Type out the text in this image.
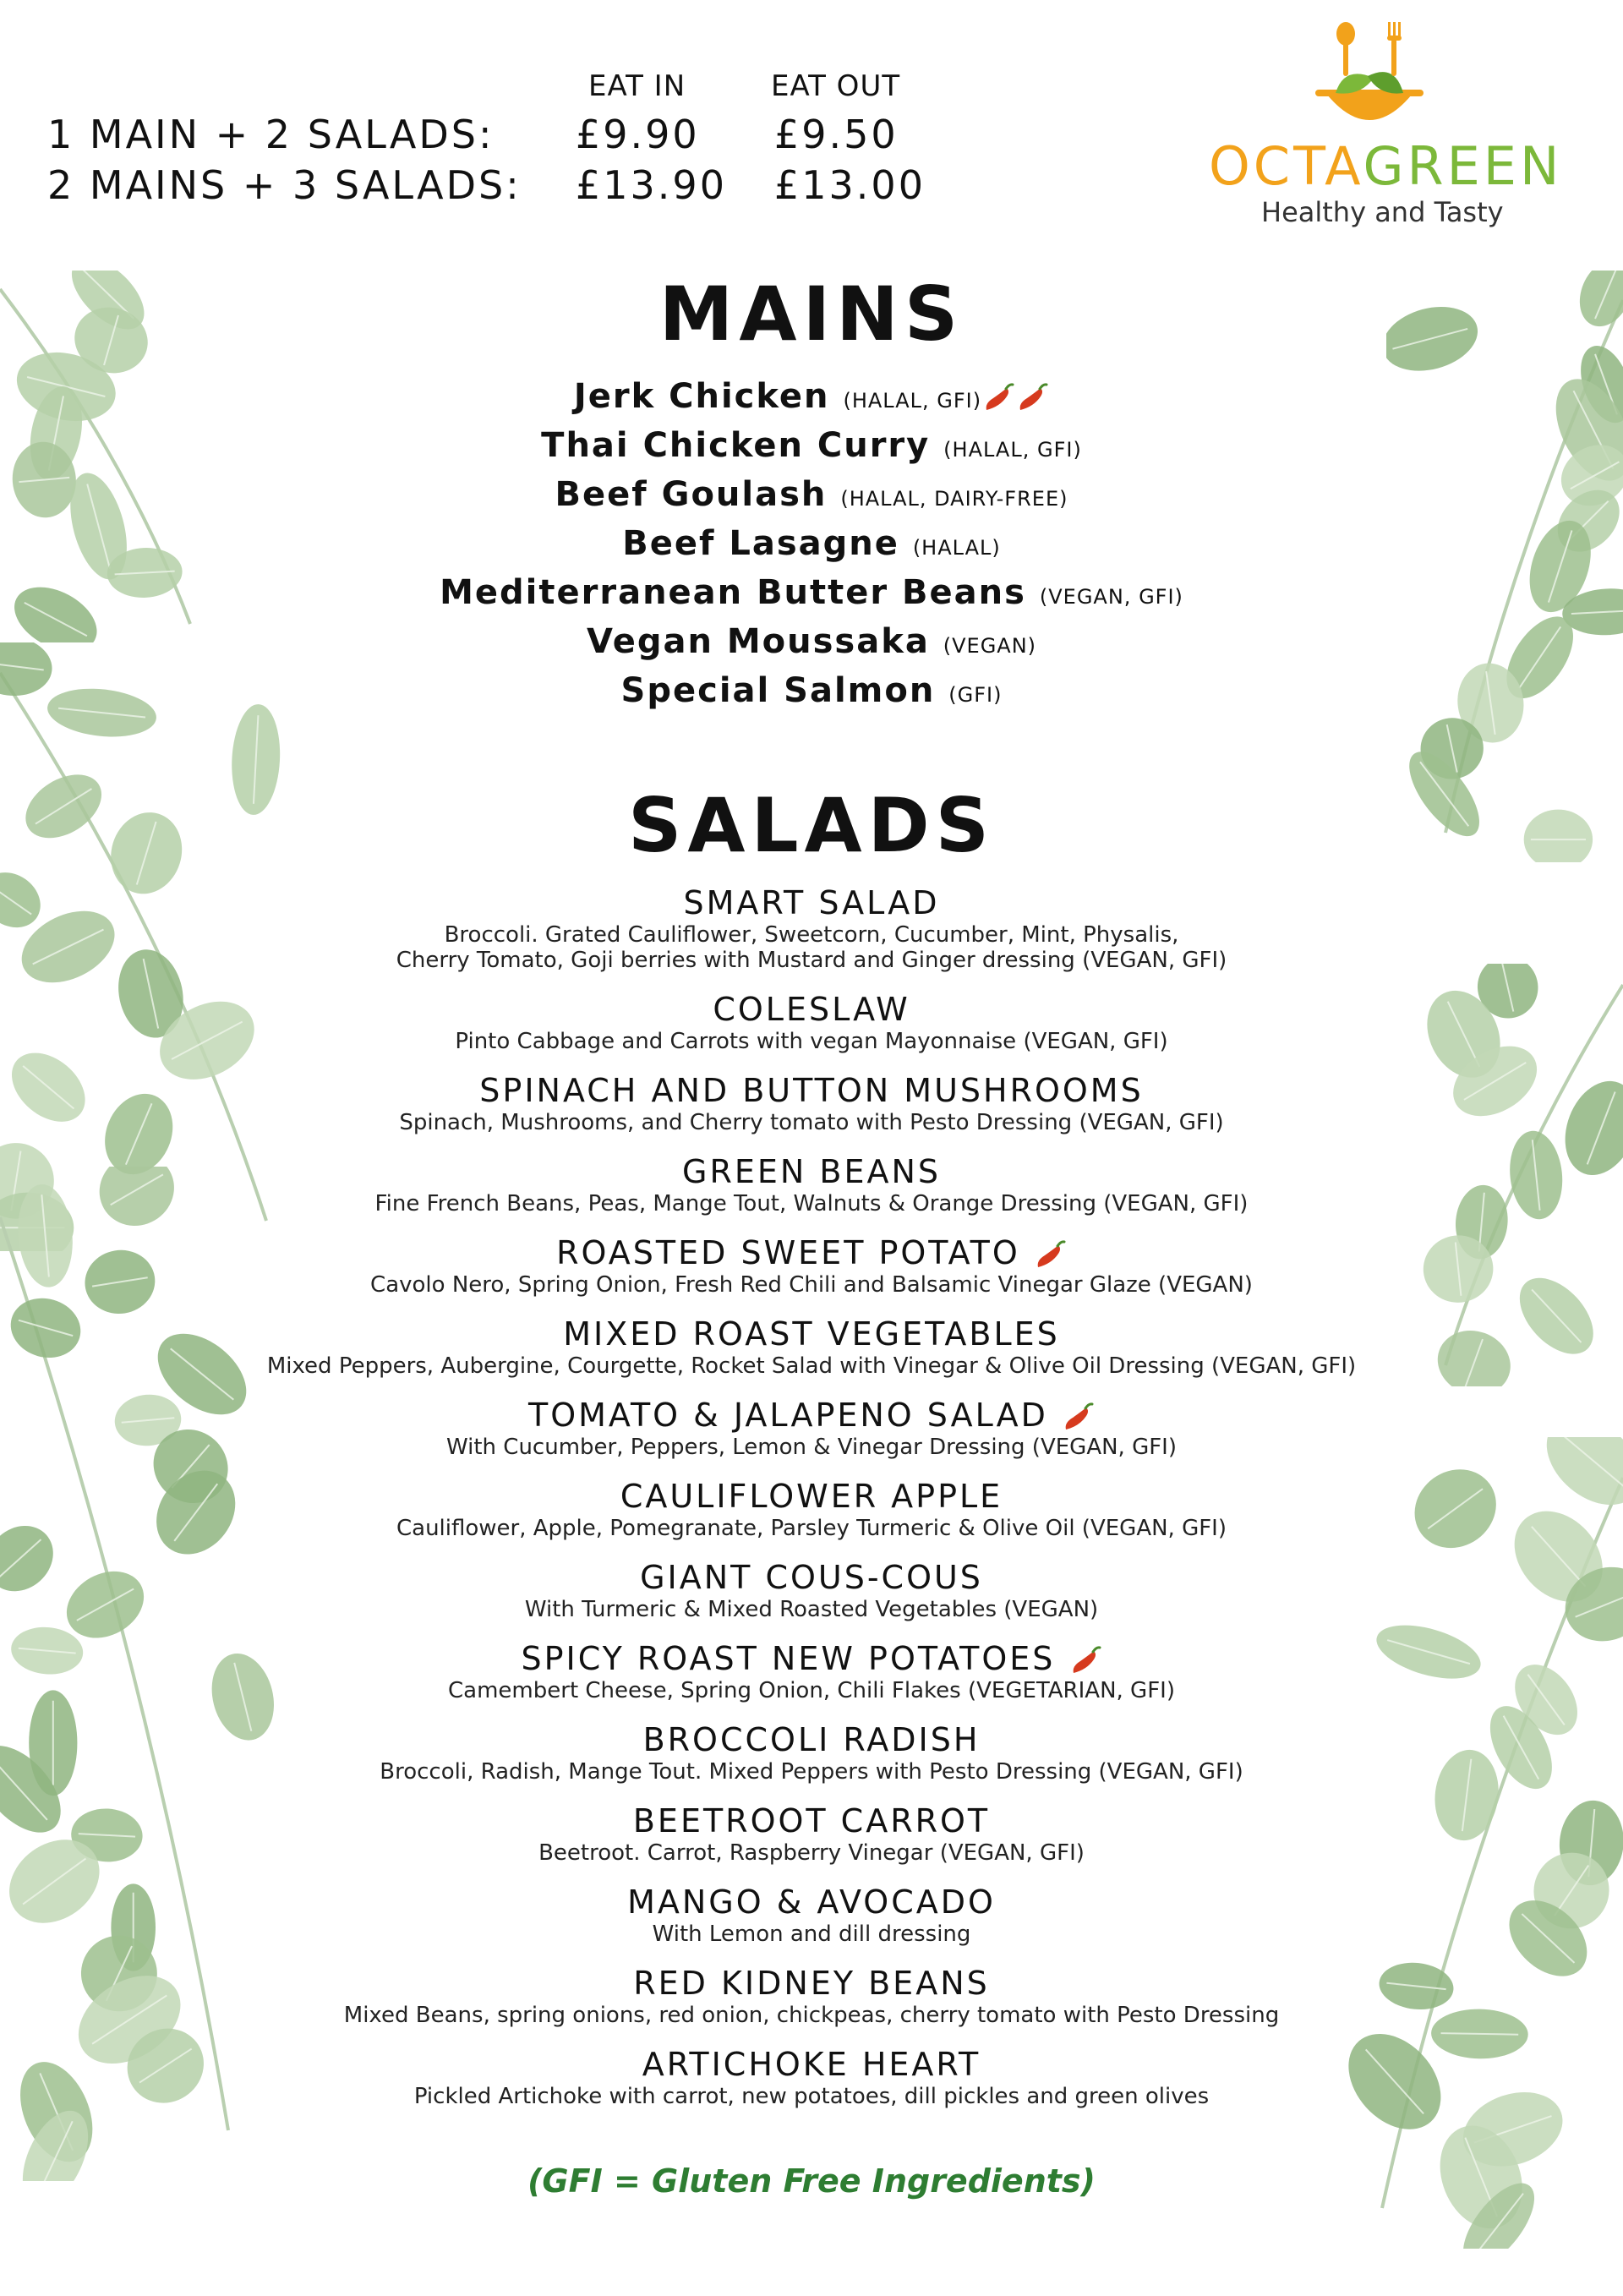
EAT IN	EAT OUT
1 MAIN + 2 SALADS: £9.90 £9.50
2 MAINS + 3 SALADS: £13.90 £13.00	OCTAGREEN
Healthy and Tasty
MAINS
Jerk Chicken (HALAL, GFI)
Thai Chicken Curry (HALAL, GFI)
Beef Goulash (HALAL, DAIRY-FREE)
Beef Lasagne (HALAL)
Mediterranean Butter Beans (VEGAN, GFI)
Vegan Moussaka (VEGAN)
Special Salmon (GFI)
SALADS
SMART SALAD
Broccoli. Grated Cauliflower, Sweetcorn, Cucumber, Mint, Physalis,
Cherry Tomato, Goji berries with Mustard and Ginger dressing (VEGAN, GFI)
COLESLAW
Pinto Cabbage and Carrots with vegan Mayonnaise (VEGAN, GFI)
SPINACH AND BUTTON MUSHROOMS
Spinach, Mushrooms, and Cherry tomato with Pesto Dressing (VEGAN, GFI)
GREEN BEANS
Fine French Beans, Peas, Mange Tout, Walnuts & Orange Dressing (VEGAN, GFI)
ROASTED SWEET POTATO
Cavolo Nero, Spring Onion, Fresh Red Chili and Balsamic Vinegar Glaze (VEGAN)
MIXED ROAST VEGETABLES
Mixed Peppers, Aubergine, Courgette, Rocket Salad with Vinegar & Olive Oil Dressing (VEGAN, GFI)
TOMATO & JALAPENO SALAD
With Cucumber, Peppers, Lemon & Vinegar Dressing (VEGAN, GFI)
CAULIFLOWER APPLE
Cauliflower, Apple, Pomegranate, Parsley Turmeric & Olive Oil (VEGAN, GFI)
GIANT COUS-COUS
With Turmeric & Mixed Roasted Vegetables (VEGAN)
SPICY ROAST NEW POTATOES
Camembert Cheese, Spring Onion, Chili Flakes (VEGETARIAN, GFI)
BROCCOLI RADISH
Broccoli, Radish, Mange Tout. Mixed Peppers with Pesto Dressing (VEGAN, GFI)
BEETROOT CARROT
Beetroot. Carrot, Raspberry Vinegar (VEGAN, GFI)
MANGO & AVOCADO
With Lemon and dill dressing
RED KIDNEY BEANS
Mixed Beans, spring onions, red onion, chickpeas, cherry tomato with Pesto Dressing
ARTICHOKE HEART
Pickled Artichoke with carrot, new potatoes, dill pickles and green olives
(GFI = Gluten Free Ingredients)
